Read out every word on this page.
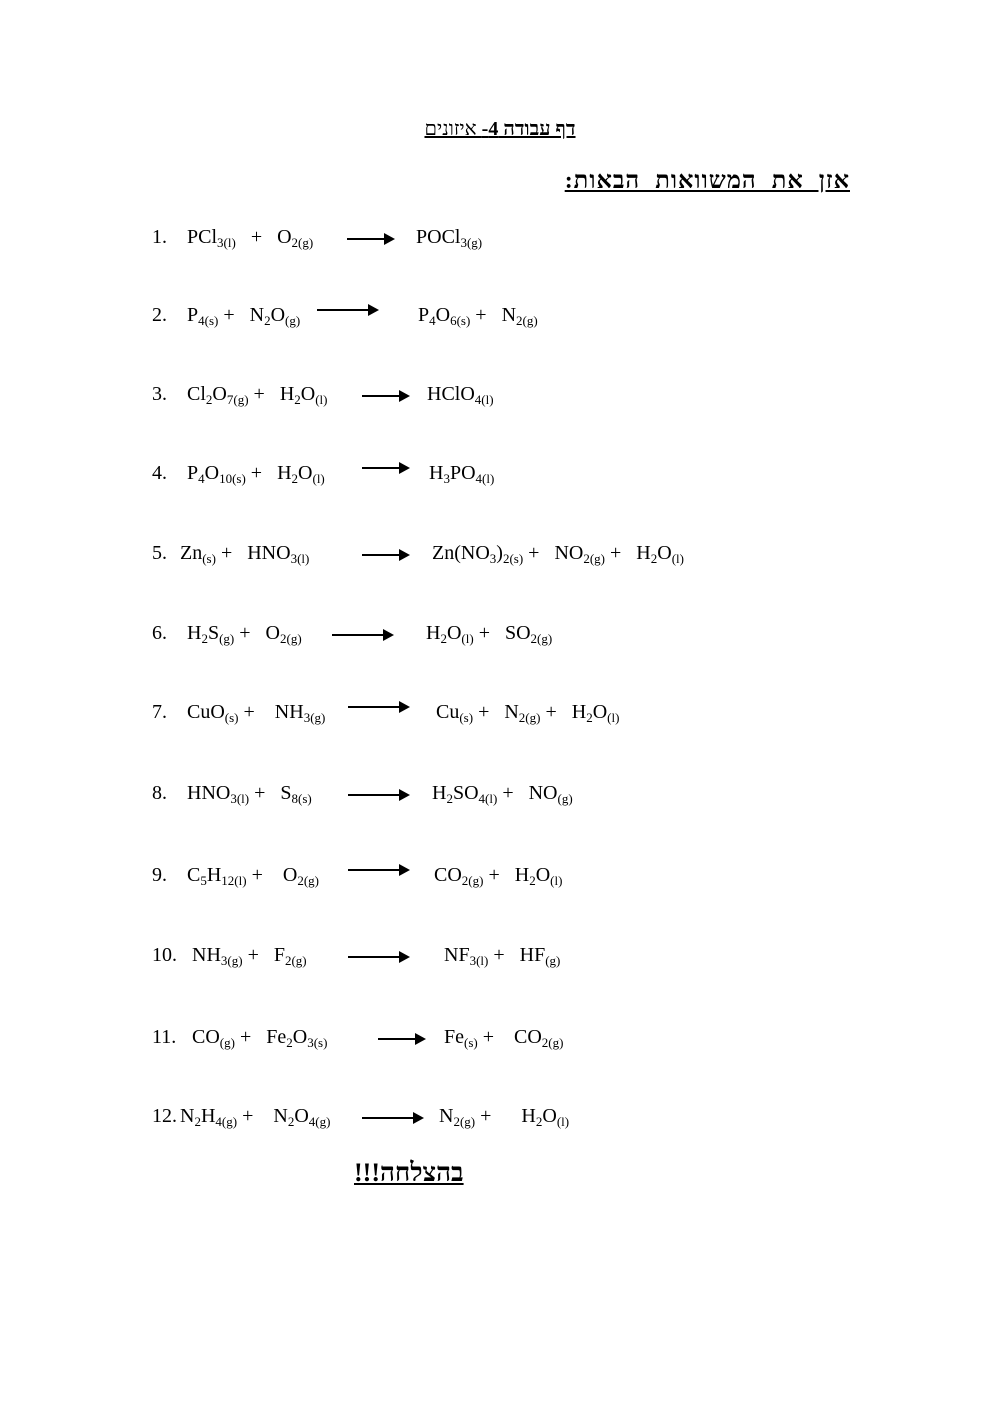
דף עבודה 4- איזונים
אזן את המשוואות הבאות:
1. $PCl_{3(l)} + O_{2(g)}$ → POCl$_{3(g)}$
2. $P_{4(s)} + N_2O_{(g)}$	$P_4O_{6(s)} + N_{2(g)}$
3. $Cl_2O_{7(g)} + H_2O_{(l)}$ → HClO$_{4(l)}$
4. $P_4O_{10(s)} + H_2O_{(l)} \to H_3PO_{4(l)}$
5. $Zn_{(s)} + HNO_{3(l)}$	→ $Zn(NO_3)_{2(s)} + NO_{2(g)} + H_2O_{(l)}$
6. $H_2S_{(g)} + O_{2(g)}$	$H_2O_{(l)} + SO_{2(g)}$
7. CuO$_{(s)}$ +    $NH_{3(g)} \to Cu_{(s)} + N_{2(g)} + H_2O_{(l)}$
8. $HNO_{3(l)} + S_{8(s)} \to H_2SO_{4(l)} + NO_{(g)}$
9. $C_5H_{12(l)}$ +    $O_{2(g)} \to CO_{2(g)} + H_2O_{(l)}$
10. $NH_{3(g)} + F_{2(g)}$	$NF_{3(l)} + HF_{(g)}$
11. $CO_{(g)} + Fe_2O_{3(s)}$	→ $Fe_{(s)}$ +    $CO_{2(g)}$
12. $N_2H_{4(g)}$ +    $N_2O_{4(g)} \to N_{2(g)}$ +      $H_2O_{(l)}$
בהצלחה!!!
